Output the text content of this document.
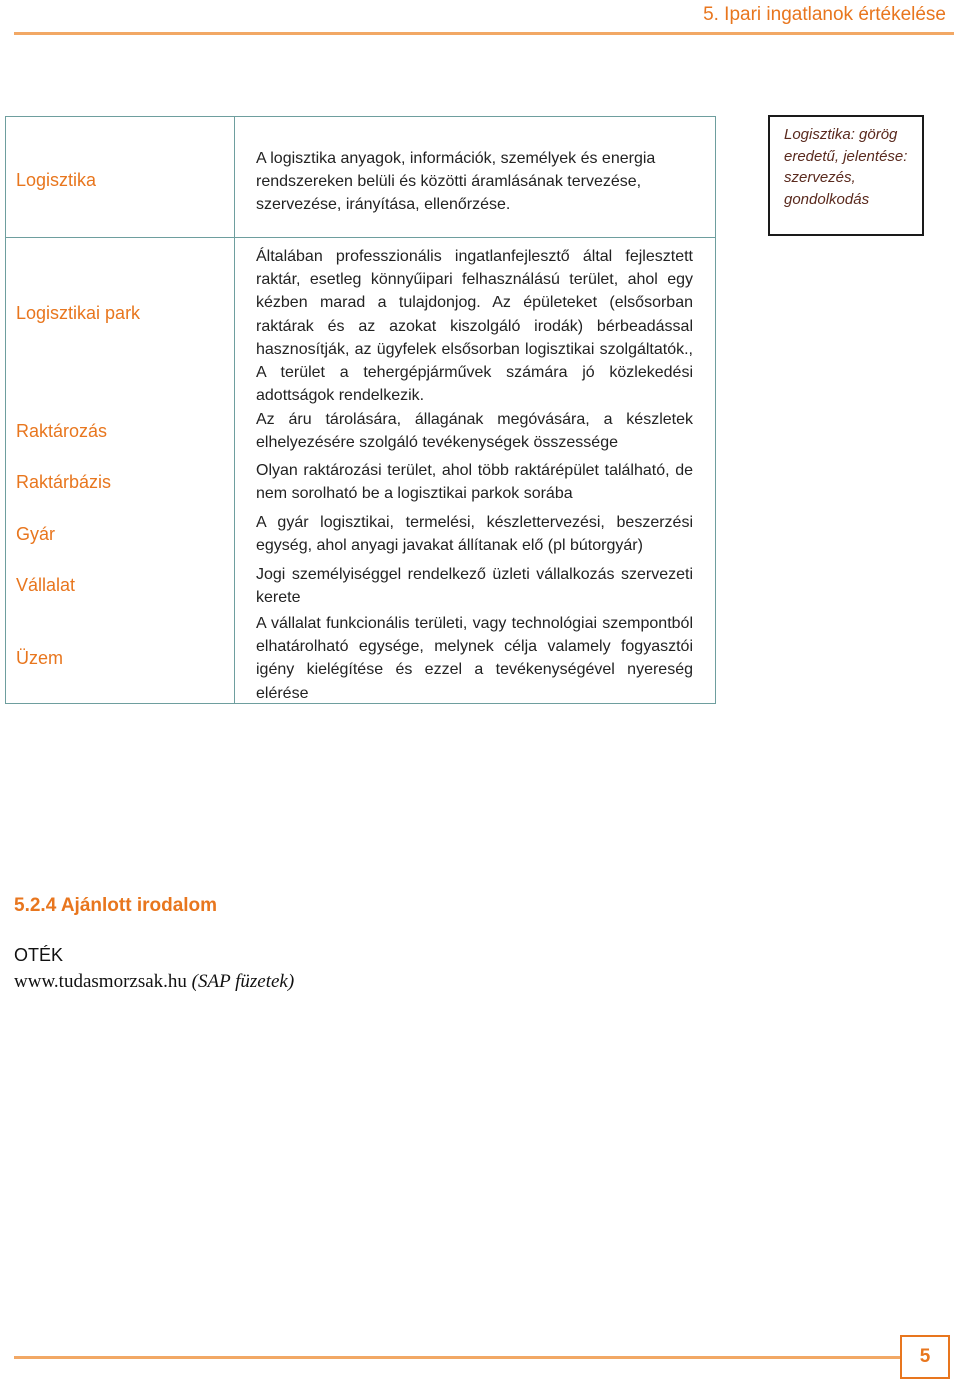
5. Ipari ingatlanok értékelése
Logisztika
A logisztika anyagok, információk, személyek és energia rendszereken belüli és közötti áramlásának tervezése, szervezése, irányítása, ellenőrzése.
Logisztikai park
Általában professzionális ingatlanfejlesztő által fejlesztett raktár, esetleg könnyűipari felhasználású terület, ahol egy kézben marad a tulajdonjog. Az épületeket (elsősorban raktárak és az azokat kiszolgáló irodák) bérbeadással hasznosítják, az ügyfelek elsősorban logisztikai szolgáltatók., A terület a tehergépjárművek számára jó közlekedési adottságok rendelkezik.
Raktározás
Az áru tárolására, állagának megóvására, a készletek elhelyezésére szolgáló tevékenységek összessége
Raktárbázis
Olyan raktározási terület, ahol több raktárépület található, de nem sorolható be a logisztikai parkok sorába
Gyár
A gyár logisztikai, termelési, készlettervezési, beszerzési egység, ahol anyagi javakat állítanak elő (pl bútorgyár)
Vállalat
Jogi személyiséggel rendelkező üzleti vállalkozás szervezeti kerete
Üzem
A vállalat funkcionális területi, vagy technológiai szempontból elhatárolható egysége, melynek célja valamely fogyasztói igény kielégítése és ezzel a tevékenységével nyereség elérése
Logisztika: görög eredetű, jelentése: szervezés, gondolkodás
5.2.4 Ajánlott irodalom
OTÉK
www.tudasmorzsak.hu (SAP füzetek)
5
